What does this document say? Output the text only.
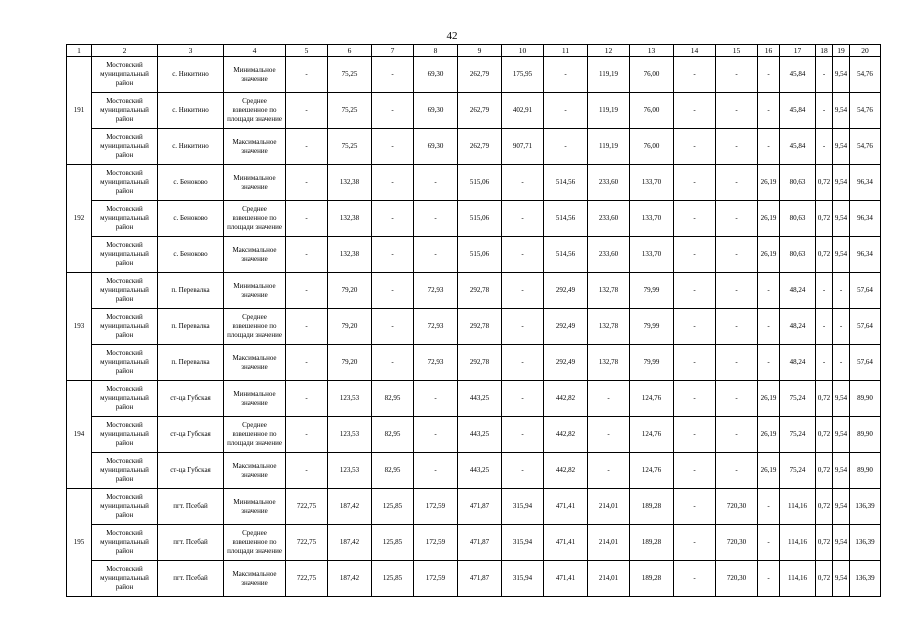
42
1	2	3	4	5	6	7	8	9	10	11	12	13	14	15	16	17	18	19	20
191	Мостовский муниципальный район	с. Никитино	Минимальное значение	-	75,25	-	69,30	262,79	175,95	-	119,19	76,00	-	-	-	45,84	-	9,54	54,76
	Мостовский муниципальный район	с. Никитино	Среднее взвешенное по площади значение	-	75,25	-	69,30	262,79	402,91	-	119,19	76,00	-	-	-	45,84	-	9,54	54,76
	Мостовский муниципальный район	с. Никитино	Максимальное значение	-	75,25	-	69,30	262,79	907,71	-	119,19	76,00	-	-	-	45,84	-	9,54	54,76
192	Мостовский муниципальный район	с. Беноково	Минимальное значение	-	132,38	-	-	515,06	-	514,56	233,60	133,70	-	-	26,19	80,63	0,72	9,54	96,34
	Мостовский муниципальный район	с. Беноково	Среднее взвешенное по площади значение	-	132,38	-	-	515,06	-	514,56	233,60	133,70	-	-	26,19	80,63	0,72	9,54	96,34
	Мостовский муниципальный район	с. Беноково	Максимальное значение	-	132,38	-	-	515,06	-	514,56	233,60	133,70	-	-	26,19	80,63	0,72	9,54	96,34
193	Мостовский муниципальный район	п. Перевалка	Минимальное значение	-	79,20	-	72,93	292,78	-	292,49	132,78	79,99	-	-	-	48,24	-	-	57,64
	Мостовский муниципальный район	п. Перевалка	Среднее взвешенное по площади значение	-	79,20	-	72,93	292,78	-	292,49	132,78	79,99	-	-	-	48,24	-	-	57,64
	Мостовский муниципальный район	п. Перевалка	Максимальное значение	-	79,20	-	72,93	292,78	-	292,49	132,78	79,99	-	-	-	48,24	-	-	57,64
194	Мостовский муниципальный район	ст-ца Губская	Минимальное значение	-	123,53	82,95	-	443,25	-	442,82	-	124,76	-	-	26,19	75,24	0,72	9,54	89,90
	Мостовский муниципальный район	ст-ца Губская	Среднее взвешенное по площади значение	-	123,53	82,95	-	443,25	-	442,82	-	124,76	-	-	26,19	75,24	0,72	9,54	89,90
	Мостовский муниципальный район	ст-ца Губская	Максимальное значение	-	123,53	82,95	-	443,25	-	442,82	-	124,76	-	-	26,19	75,24	0,72	9,54	89,90
195	Мостовский муниципальный район	пгт. Псебай	Минимальное значение	722,75	187,42	125,85	172,59	471,87	315,94	471,41	214,01	189,28	-	720,30	-	114,16	0,72	9,54	136,39
	Мостовский муниципальный район	пгт. Псебай	Среднее взвешенное по площади значение	722,75	187,42	125,85	172,59	471,87	315,94	471,41	214,01	189,28	-	720,30	-	114,16	0,72	9,54	136,39
	Мостовский муниципальный район	пгт. Псебай	Максимальное значение	722,75	187,42	125,85	172,59	471,87	315,94	471,41	214,01	189,28	-	720,30	-	114,16	0,72	9,54	136,39
